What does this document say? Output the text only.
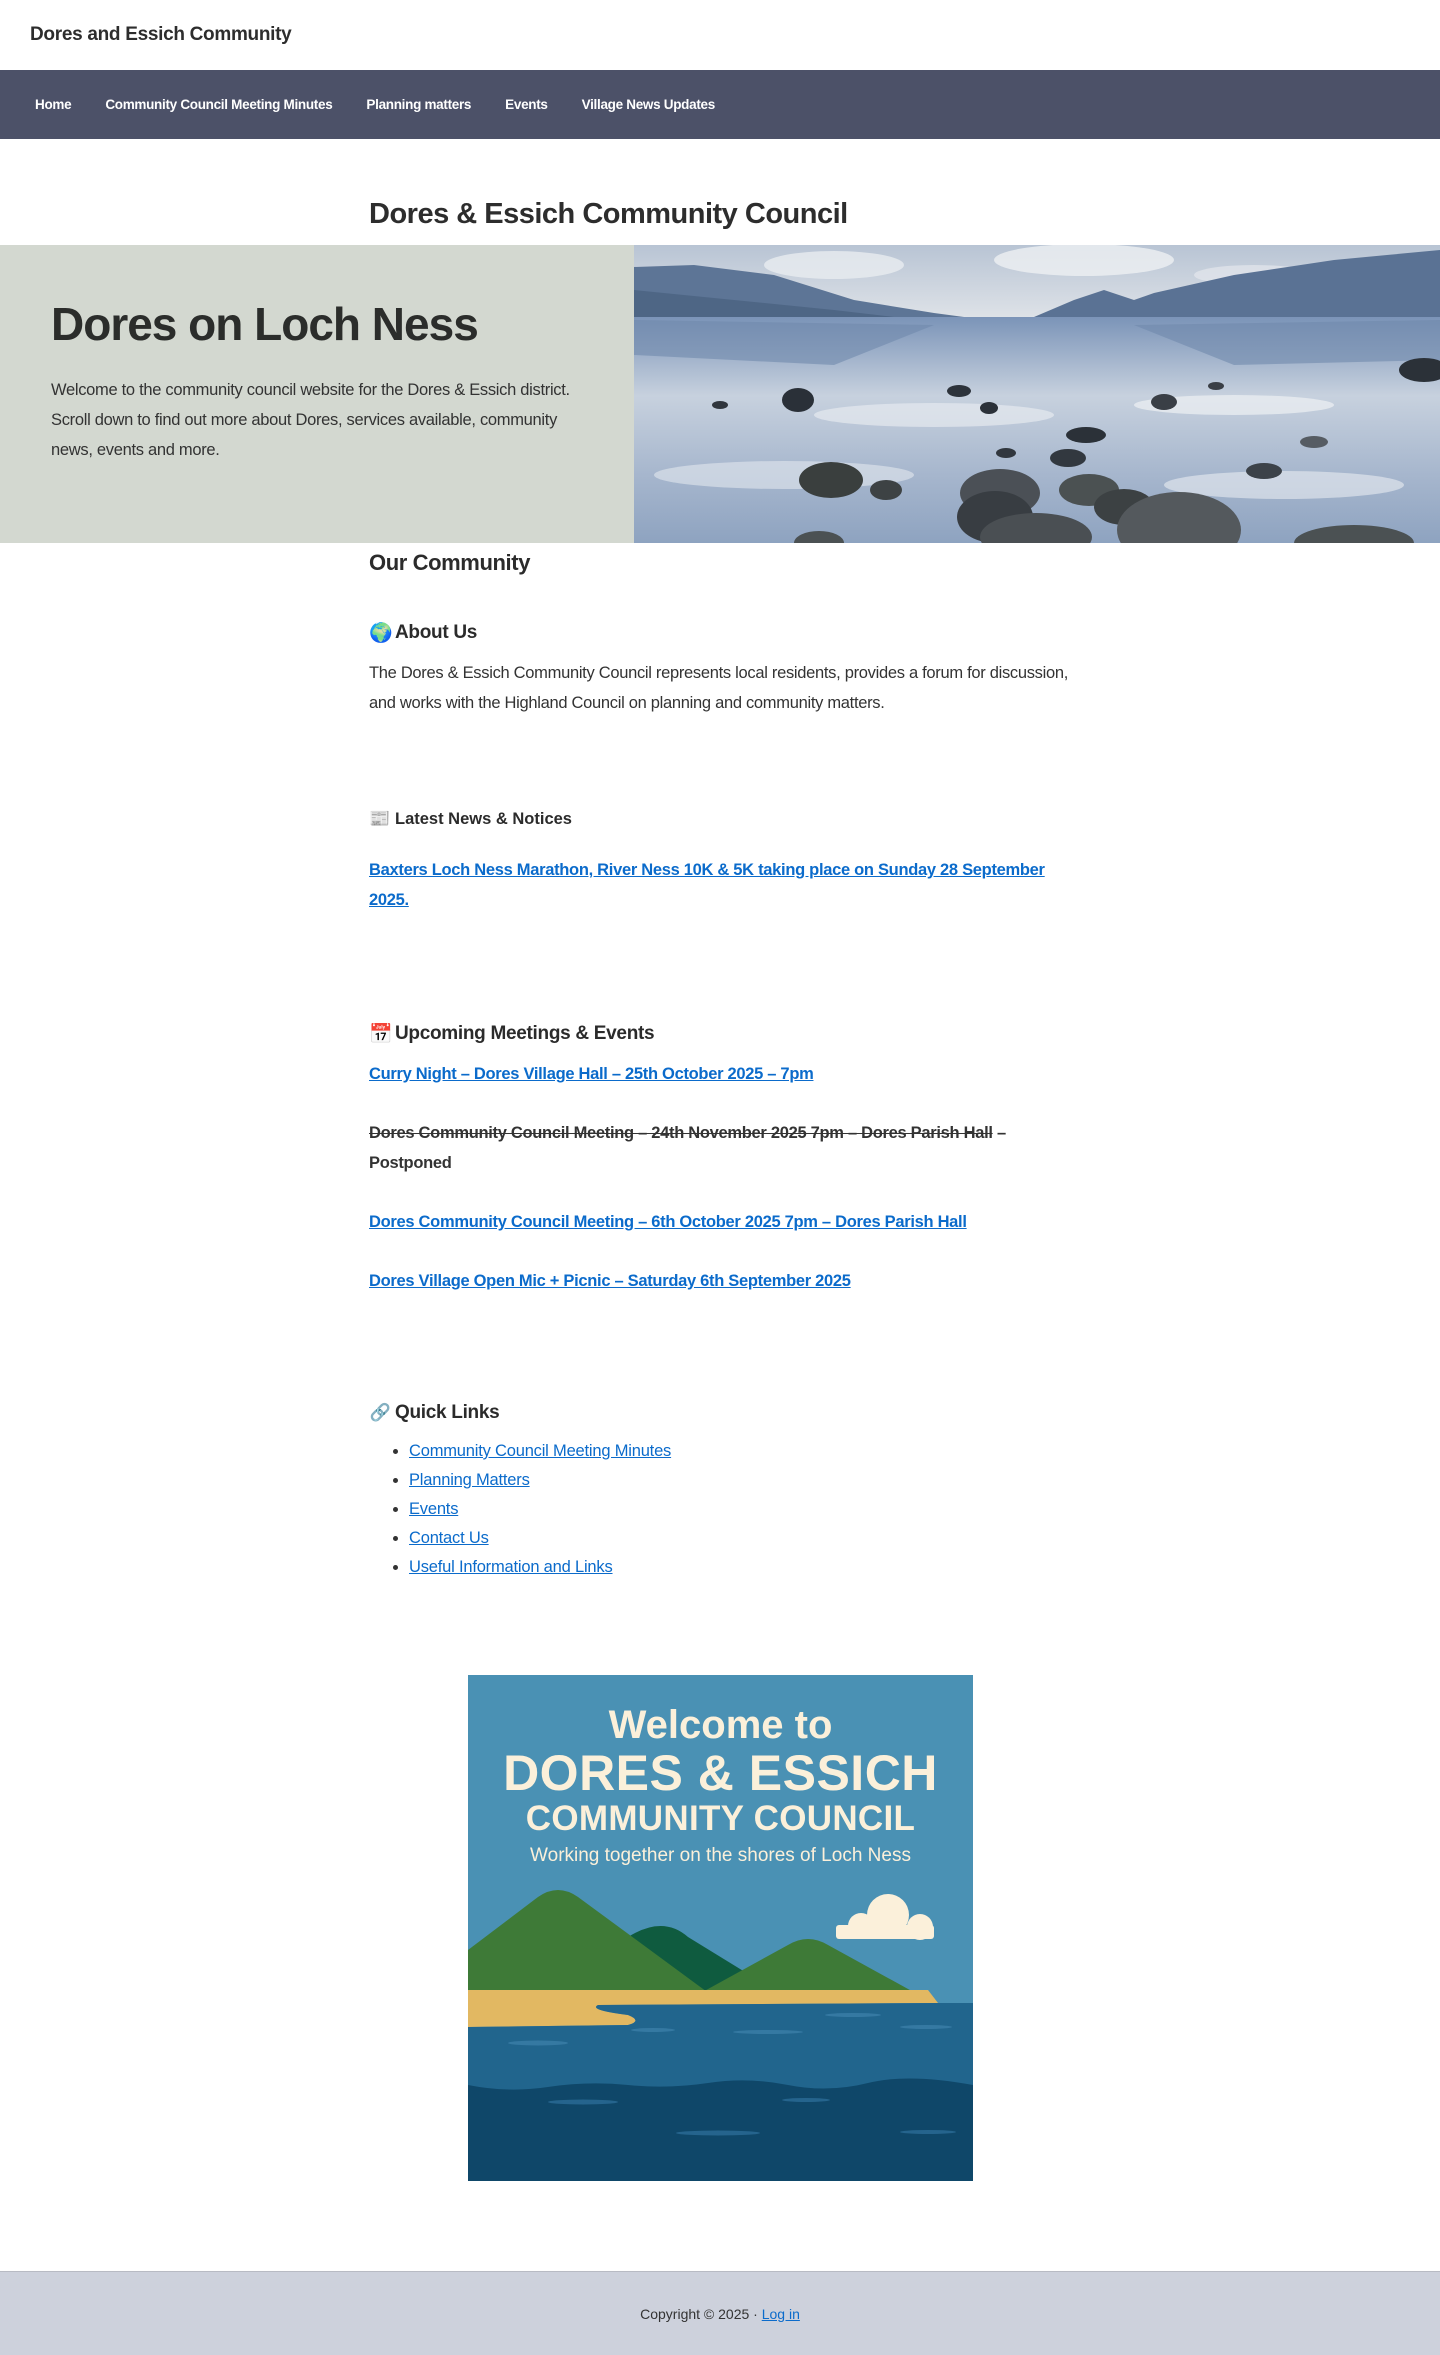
Dores and Essich Community
Home	Community Council Meeting Minutes	Planning matters	Events	Village News Updates
Dores & Essich Community Council
Dores on Loch Ness

Welcome to the community council website for the Dores & Essich district. Scroll down to find out more about Dores, services available, community news, events and more.

Our Community
🌍 About Us

The Dores & Essich Community Council represents local residents, provides a forum for discussion, and works with the Highland Council on planning and community matters.

📰 Latest News & Notices
Baxters Loch Ness Marathon, River Ness 10K & 5K taking place on Sunday 28 September 2025.
📅 Upcoming Meetings & Events
Curry Night – Dores Village Hall – 25th October 2025 – 7pm
Dores Community Council Meeting – 24th November 2025 7pm – Dores Parish Hall – Postponed
Dores Community Council Meeting – 6th October 2025 7pm – Dores Parish Hall
Dores Village Open Mic + Picnic – Saturday 6th September 2025
🔗 Quick Links
• Community Council Meeting Minutes
• Planning Matters
• Events
• Contact Us
• Useful Information and Links
Welcome to
DORES & ESSICH
COMMUNITY COUNCIL
Working together on the shores of Loch Ness
Copyright © 2025 ·
Log in
